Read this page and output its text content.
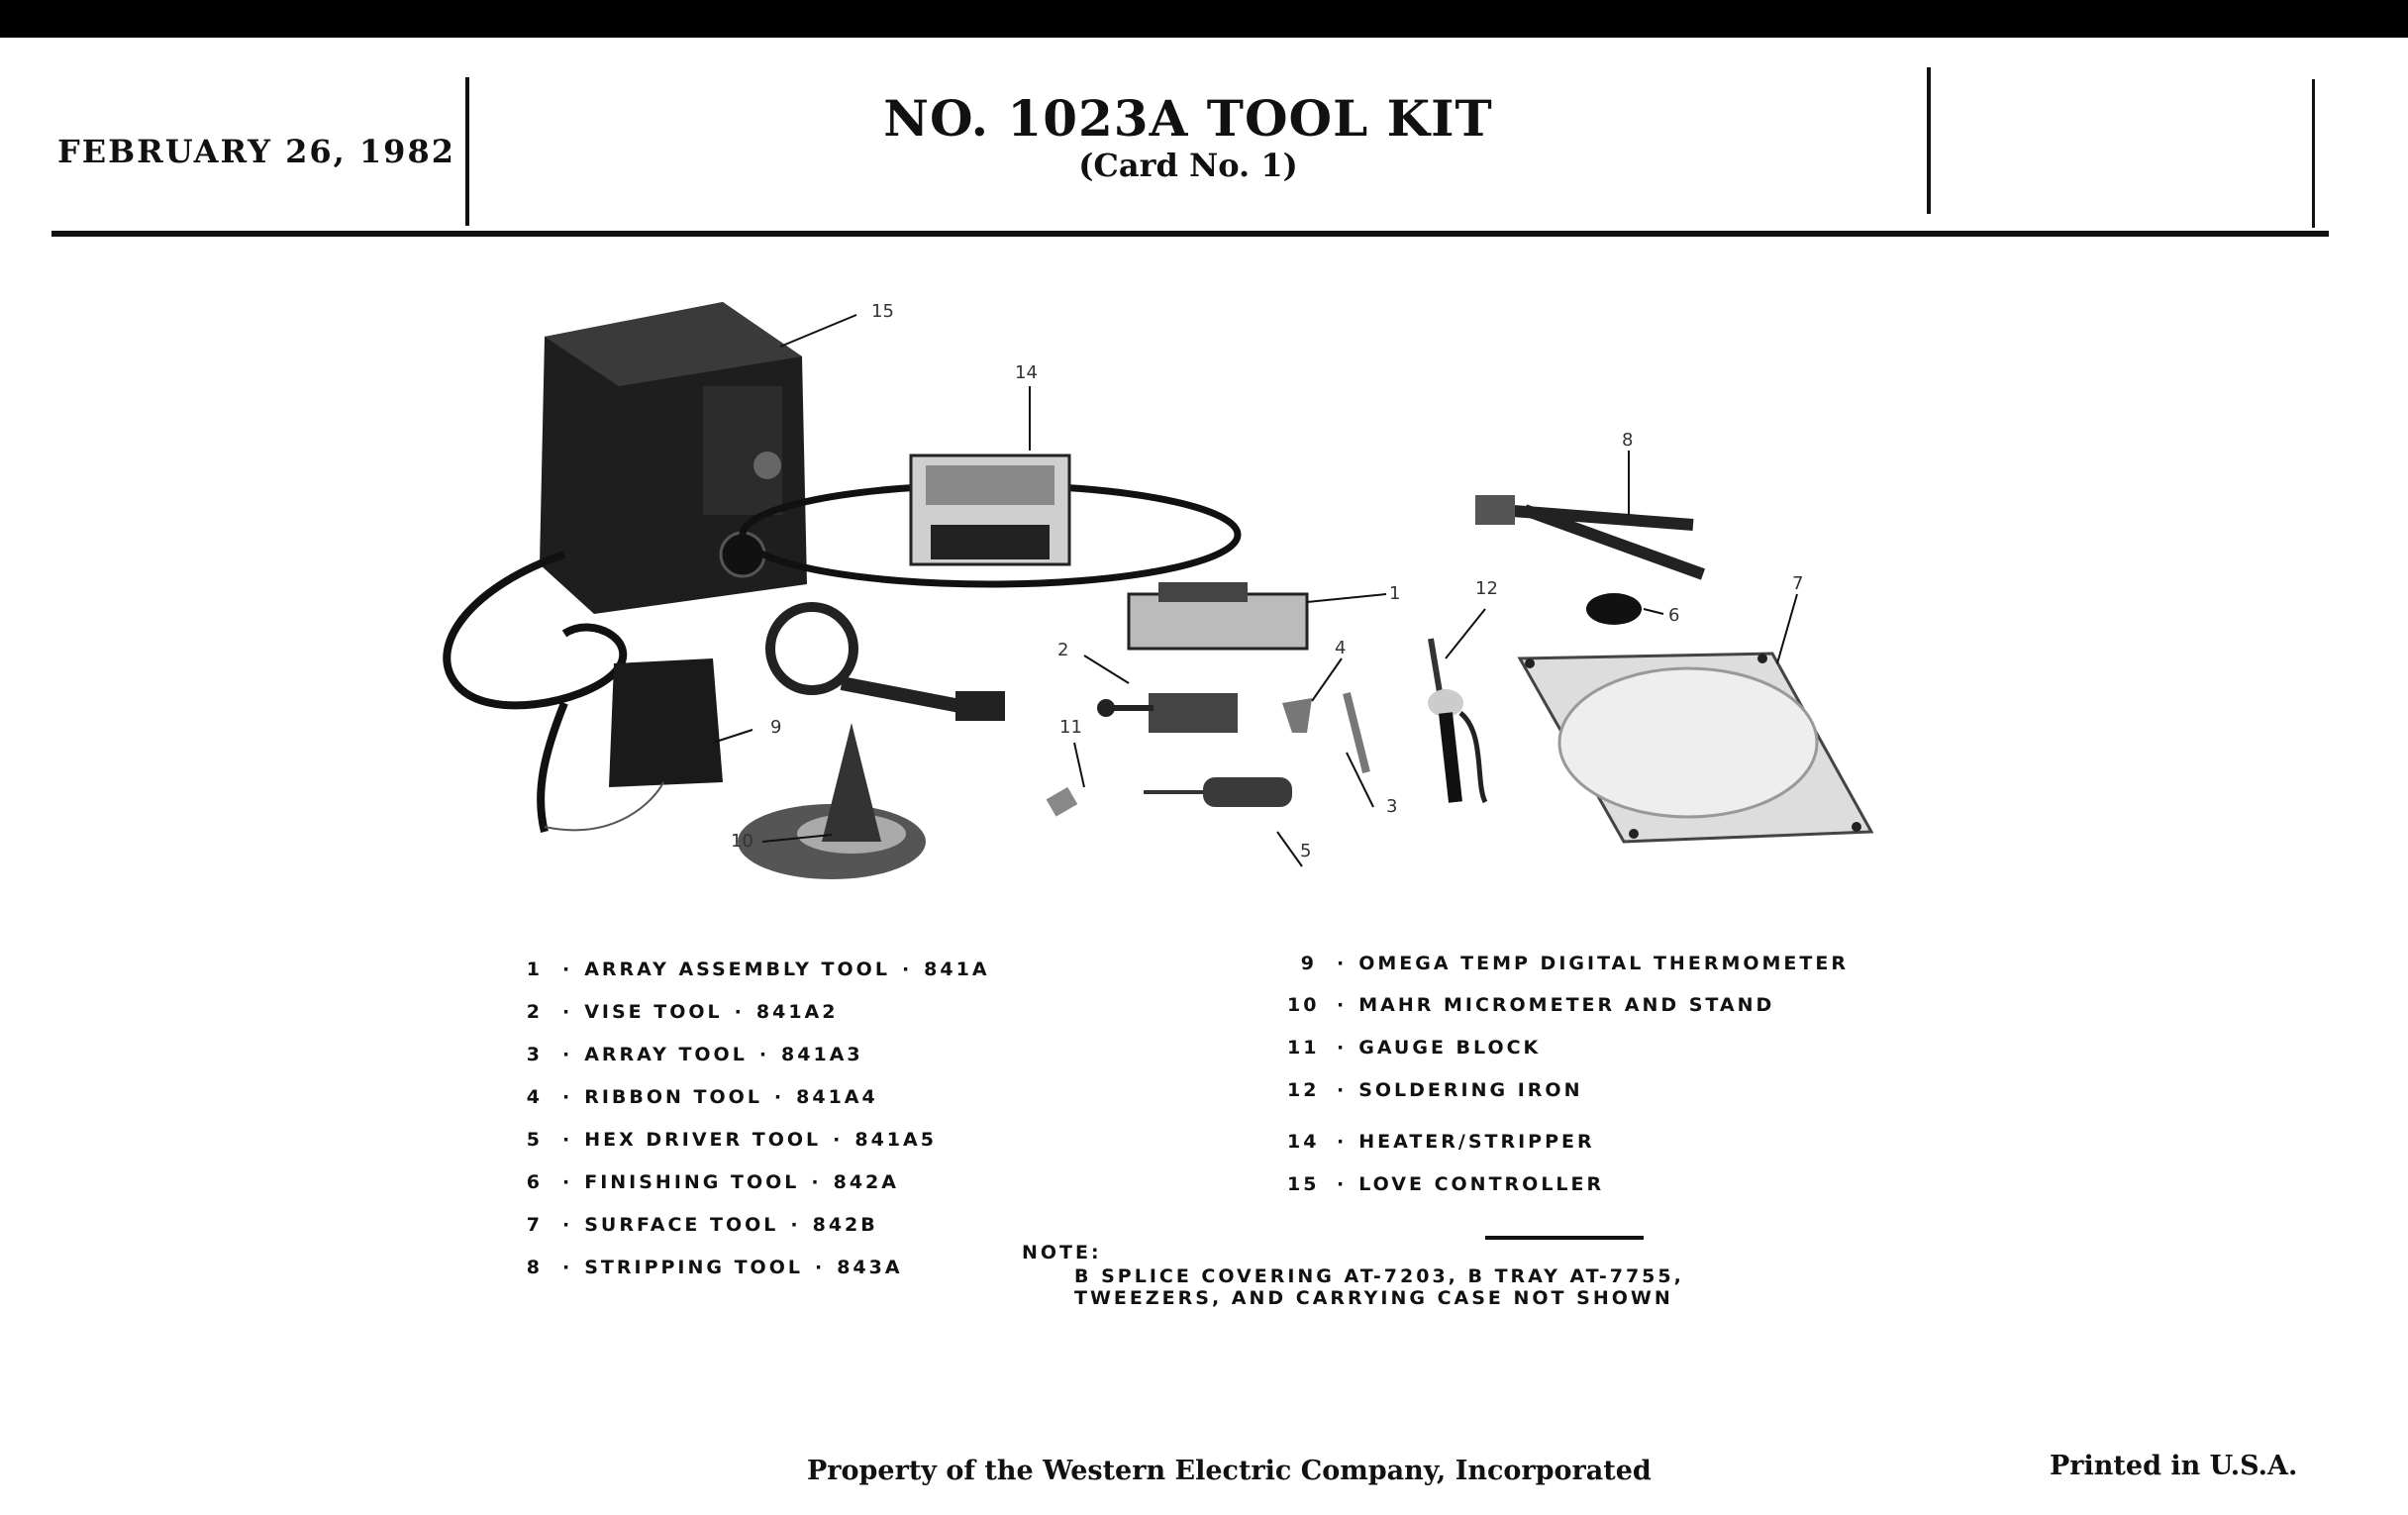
FEBRUARY 26, 1982
NO. 1023A TOOL KIT
(Card No. 1)
15
14
8
1	12
6
7
2	4
9	11
3
10	5
1 · ARRAY ASSEMBLY TOOL · 841A
2 · VISE TOOL · 841A2
3 · ARRAY TOOL · 841A3
4 · RIBBON TOOL · 841A4
5 · HEX DRIVER TOOL · 841A5
6 · FINISHING TOOL · 842A
7 · SURFACE TOOL · 842B
8 · STRIPPING TOOL · 843A
9 · OMEGA TEMP DIGITAL THERMOMETER
10 · MAHR MICROMETER AND STAND
11 · GAUGE BLOCK
12 · SOLDERING IRON
14 · HEATER/STRIPPER
15 · LOVE CONTROLLER
NOTE:
B SPLICE COVERING AT-7203, B TRAY AT-7755,
TWEEZERS, AND CARRYING CASE NOT SHOWN
Property of the Western Electric Company, Incorporated	Printed in U.S.A.
